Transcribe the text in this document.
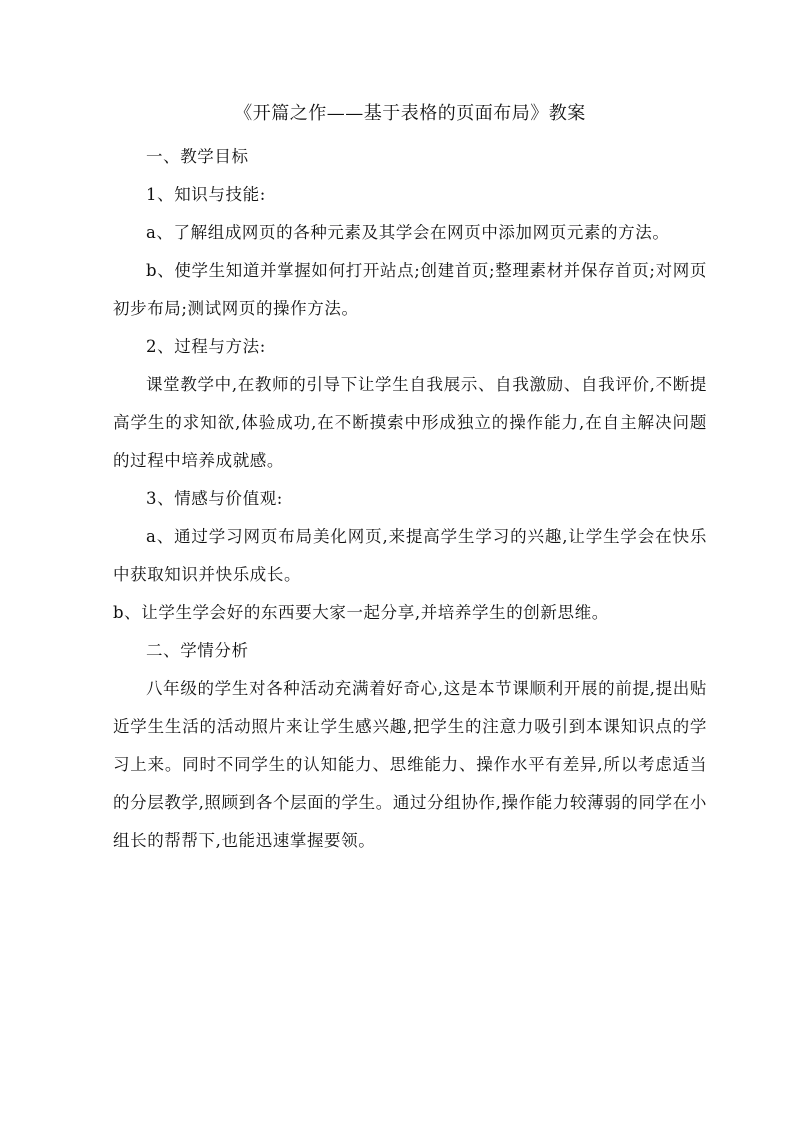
《开篇之作——基于表格的页面布局》教案

一、教学目标

1、知识与技能:

a、了解组成网页的各种元素及其学会在网页中添加网页元素的方法。

b、使学生知道并掌握如何打开站点;创建首页;整理素材并保存首页;对网页初步布局;测试网页的操作方法。

2、过程与方法:

课堂教学中,在教师的引导下让学生自我展示、自我激励、自我评价,不断提高学生的求知欲,体验成功,在不断摸索中形成独立的操作能力,在自主解决问题的过程中培养成就感。

3、情感与价值观:

a、通过学习网页布局美化网页,来提高学生学习的兴趣,让学生学会在快乐中获取知识并快乐成长。

b、让学生学会好的东西要大家一起分享,并培养学生的创新思维。

二、学情分析

八年级的学生对各种活动充满着好奇心,这是本节课顺利开展的前提,提出贴近学生生活的活动照片来让学生感兴趣,把学生的注意力吸引到本课知识点的学习上来。同时不同学生的认知能力、思维能力、操作水平有差异,所以考虑适当的分层教学,照顾到各个层面的学生。通过分组协作,操作能力较薄弱的同学在小组长的帮帮下,也能迅速掌握要领。
